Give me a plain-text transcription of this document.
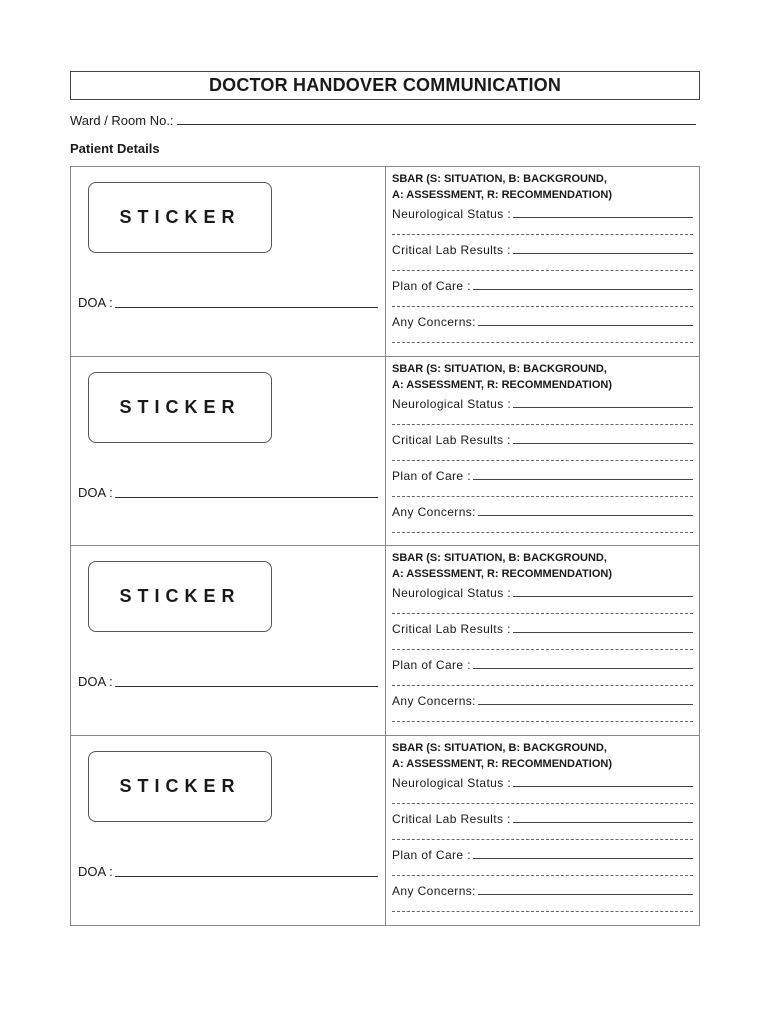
DOCTOR HANDOVER COMMUNICATION
Ward / Room No.:
Patient Details
STICKER
DOA :
SBAR (S: SITUATION, B: BACKGROUND,
A: ASSESSMENT, R: RECOMMENDATION)
Neurological Status :
Critical Lab Results :
Plan of Care :
Any Concerns:
STICKER
DOA :
SBAR (S: SITUATION, B: BACKGROUND,
A: ASSESSMENT, R: RECOMMENDATION)
Neurological Status :
Critical Lab Results :
Plan of Care :
Any Concerns:
STICKER
DOA :
SBAR (S: SITUATION, B: BACKGROUND,
A: ASSESSMENT, R: RECOMMENDATION)
Neurological Status :
Critical Lab Results :
Plan of Care :
Any Concerns:
STICKER
DOA :
SBAR (S: SITUATION, B: BACKGROUND,
A: ASSESSMENT, R: RECOMMENDATION)
Neurological Status :
Critical Lab Results :
Plan of Care :
Any Concerns:
